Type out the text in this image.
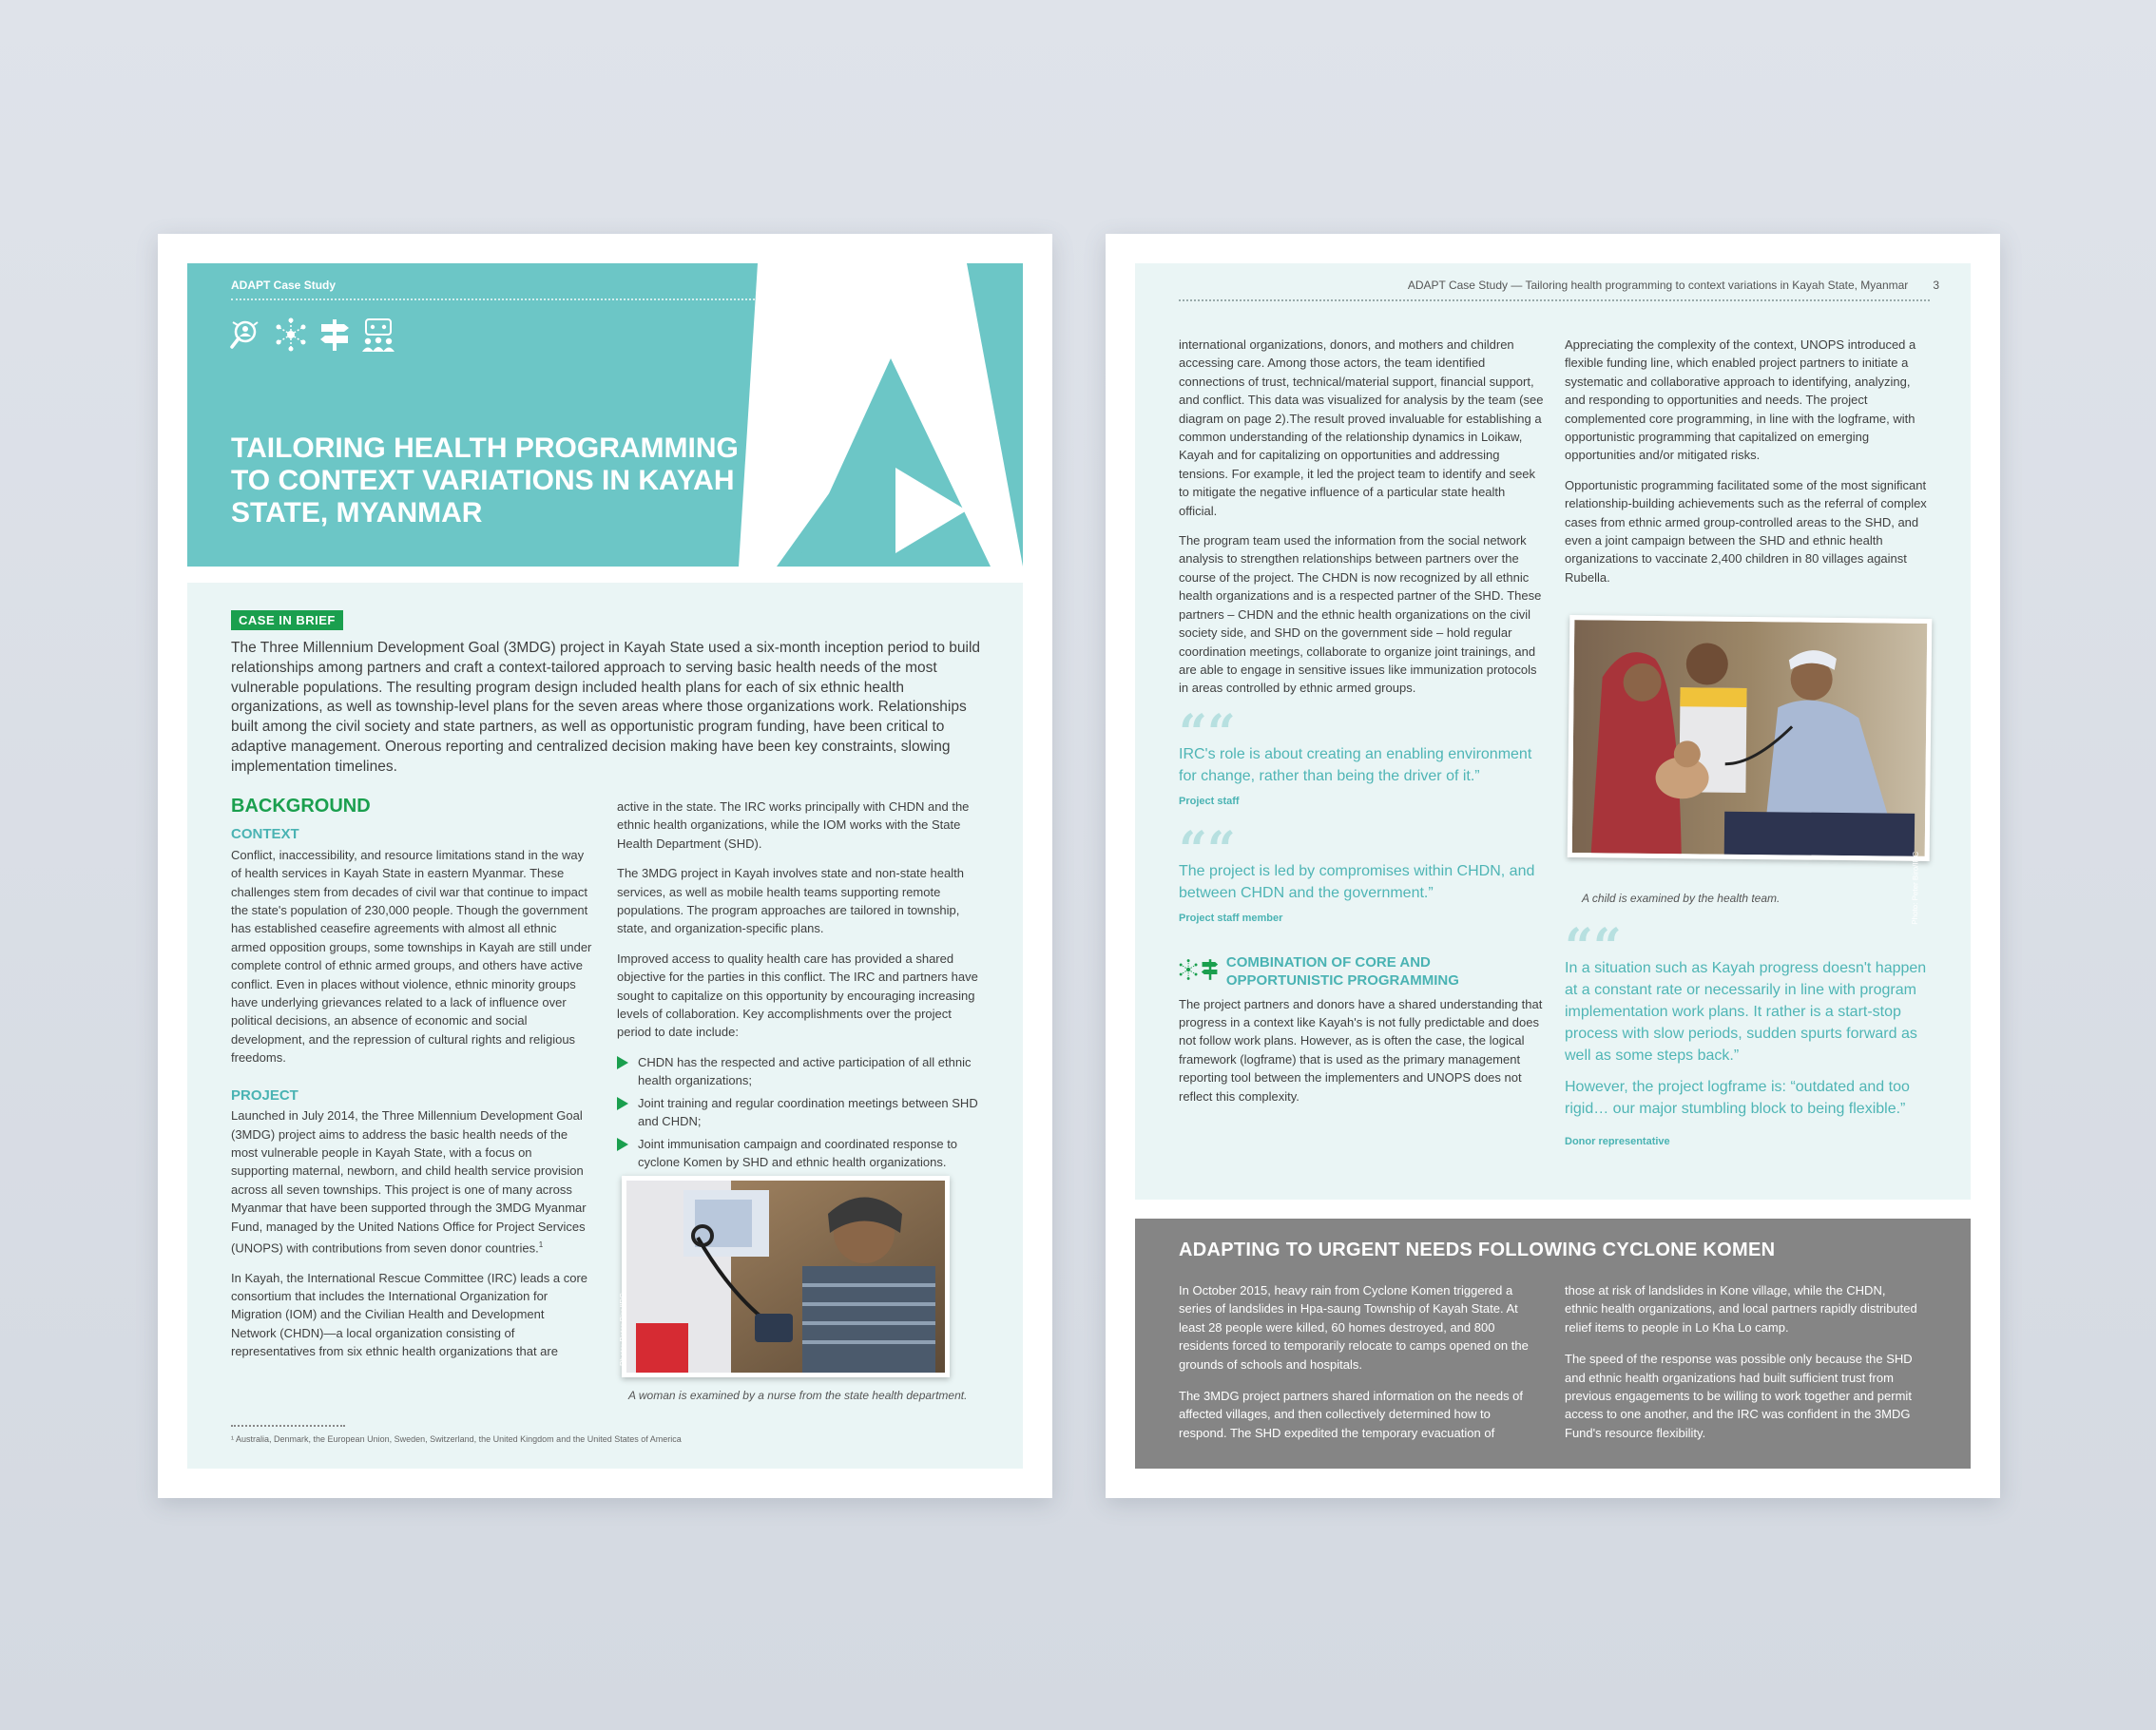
ADAPT Case Study
TAILORING HEALTH PROGRAMMING TO CONTEXT VARIATIONS IN KAYAH STATE, MYANMAR
CASE IN BRIEF
The Three Millennium Development Goal (3MDG) project in Kayah State used a six-month inception period to build relationships among partners and craft a context-tailored approach to serving basic health needs of the most vulnerable populations. The resulting program design included health plans for each of six ethnic health organizations, as well as township-level plans for the seven areas where those organizations work. Relationships built among the civil society and state partners, as well as opportunistic program funding, have been critical to adaptive management. Onerous reporting and centralized decision making have been key constraints, slowing implementation timelines.
BACKGROUND
CONTEXT

Conflict, inaccessibility, and resource limitations stand in the way of health services in Kayah State in eastern Myanmar. These challenges stem from decades of civil war that continue to impact the state's population of 230,000 people. Though the government has established ceasefire agreements with almost all ethnic armed opposition groups, some townships in Kayah are still under complete control of ethnic armed groups, and others have active conflict. Even in places without violence, ethnic minority groups have underlying grievances related to a lack of influence over political decisions, an absence of economic and social development, and the repression of cultural rights and religious freedoms.

PROJECT

Launched in July 2014, the Three Millennium Development Goal (3MDG) project aims to address the basic health needs of the most vulnerable people in Kayah State, with a focus on supporting maternal, newborn, and child health service provision across all seven townships. This project is one of many across Myanmar that have been supported through the 3MDG Myanmar Fund, managed by the United Nations Office for Project Services (UNOPS) with contributions from seven donor countries.$^1$

In Kayah, the International Rescue Committee (IRC) leads a core consortium that includes the International Organization for Migration (IOM) and the Civilian Health and Development Network (CHDN)—a local organization consisting of representatives from six ethnic health organizations that are

active in the state. The IRC works principally with CHDN and the ethnic health organizations, while the IOM works with the State Health Department (SHD).

The 3MDG project in Kayah involves state and non-state health services, as well as mobile health teams supporting remote populations. The program approaches are tailored in township, state, and organization-specific plans.

Improved access to quality health care has provided a shared objective for the parties in this conflict. The IRC and partners have sought to capitalize on this opportunity by encouraging increasing levels of collaboration. Key accomplishments over the project period to date include:

CHDN has the respected and active participation of all ethnic health organizations;
Joint training and regular coordination meetings between SHD and CHDN;
Joint immunisation campaign and coordinated response to cyclone Komen by SHD and ethnic health organizations.
Photo: Peter Biro/IRC
A woman is examined by a nurse from the state health department.
¹ Australia, Denmark, the European Union, Sweden, Switzerland, the United Kingdom and the United States of America
ADAPT Case Study — Tailoring health programming to context variations in Kayah State, Myanmar 3

international organizations, donors, and mothers and children accessing care. Among those actors, the team identified connections of trust, technical/material support, financial support, and conflict. This data was visualized for analysis by the team (see diagram on page 2).The result proved invaluable for establishing a common understanding of the relationship dynamics in Loikaw, Kayah and for capitalizing on opportunities and addressing tensions. For example, it led the project team to identify and seek to mitigate the negative influence of a particular state health official.

The program team used the information from the social network analysis to strengthen relationships between partners over the course of the project. The CHDN is now recognized by all ethnic health organizations and is a respected partner of the SHD. These partners – CHDN and the ethnic health organizations on the civil society side, and SHD on the government side – hold regular coordination meetings, collaborate to organize joint trainings, and are able to engage in sensitive issues like immunization protocols in areas controlled by ethnic armed groups.

““
IRC's role is about creating an enabling environment for change, rather than being the driver of it.”
Project staff
““
The project is led by compromises within CHDN, and between CHDN and the government.”
Project staff member
COMBINATION OF CORE AND OPPORTUNISTIC PROGRAMMING

The project partners and donors have a shared understanding that progress in a context like Kayah's is not fully predictable and does not follow work plans. However, as is often the case, the logical framework (logframe) that is used as the primary management reporting tool between the implementers and UNOPS does not reflect this complexity.

Appreciating the complexity of the context, UNOPS introduced a flexible funding line, which enabled project partners to initiate a systematic and collaborative approach to identifying, analyzing, and responding to opportunities and needs. The project complemented core programming, in line with the logframe, with opportunistic programming that capitalized on emerging opportunities and/or mitigated risks.

Opportunistic programming facilitated some of the most significant relationship-building achievements such as the referral of complex cases from ethnic armed group-controlled areas to the SHD, and even a joint campaign between the SHD and ethnic health organizations to vaccinate 2,400 children in 80 villages against Rubella.

Photo: Peter Biro/IRC
A child is examined by the health team.
““
In a situation such as Kayah progress doesn't happen at a constant rate or necessarily in line with program implementation work plans. It rather is a start-stop process with slow periods, sudden spurts forward as well as some steps back.”
However, the project logframe is: “outdated and too rigid… our major stumbling block to being flexible.”
Donor representative
ADAPTING TO URGENT NEEDS FOLLOWING CYCLONE KOMEN

In October 2015, heavy rain from Cyclone Komen triggered a series of landslides in Hpa-saung Township of Kayah State. At least 28 people were killed, 60 homes destroyed, and 800 residents forced to temporarily relocate to camps opened on the grounds of schools and hospitals.

The 3MDG project partners shared information on the needs of affected villages, and then collectively determined how to respond. The SHD expedited the temporary evacuation of

those at risk of landslides in Kone village, while the CHDN, ethnic health organizations, and local partners rapidly distributed relief items to people in Lo Kha Lo camp.

The speed of the response was possible only because the SHD and ethnic health organizations had built sufficient trust from previous engagements to be willing to work together and permit access to one another, and the IRC was confident in the 3MDG Fund's resource flexibility.
